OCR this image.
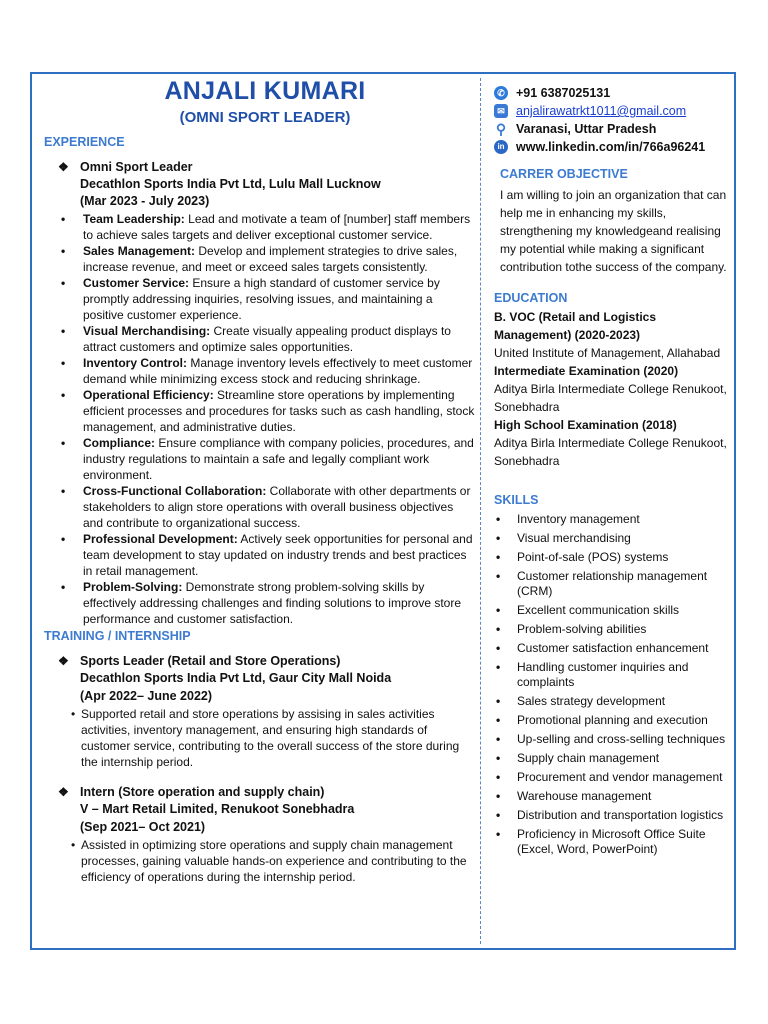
ANJALI KUMARI
(OMNI SPORT LEADER)
EXPERIENCE
❖ Omni Sport Leader
Decathlon Sports India Pvt Ltd, Lulu Mall Lucknow
(Mar 2023 - July 2023)
• Team Leadership: Lead and motivate a team of [number] staff members to achieve sales targets and deliver exceptional customer service.
• Sales Management: Develop and implement strategies to drive sales, increase revenue, and meet or exceed sales targets consistently.
• Customer Service: Ensure a high standard of customer service by promptly addressing inquiries, resolving issues, and maintaining a positive customer experience.
• Visual Merchandising: Create visually appealing product displays to attract customers and optimize sales opportunities.
• Inventory Control: Manage inventory levels effectively to meet customer demand while minimizing excess stock and reducing shrinkage.
• Operational Efficiency: Streamline store operations by implementing efficient processes and procedures for tasks such as cash handling, stock management, and administrative duties.
• Compliance: Ensure compliance with company policies, procedures, and industry regulations to maintain a safe and legally compliant work environment.
• Cross-Functional Collaboration: Collaborate with other departments or stakeholders to align store operations with overall business objectives and contribute to organizational success.
• Professional Development: Actively seek opportunities for personal and team development to stay updated on industry trends and best practices in retail management.
• Problem-Solving: Demonstrate strong problem-solving skills by effectively addressing challenges and finding solutions to improve store performance and customer satisfaction.
TRAINING / INTERNSHIP
❖ Sports Leader (Retail and Store Operations)
Decathlon Sports India Pvt Ltd, Gaur City Mall Noida
(Apr 2022– June 2022)
• Supported retail and store operations by assising in sales activities activities, inventory management, and ensuring high standards of customer service, contributing to the overall success of the store during the internship period.
❖ Intern (Store operation and supply chain)
V – Mart Retail Limited, Renukoot Sonebhadra
(Sep 2021– Oct 2021)
• Assisted in optimizing store operations and supply chain management processes, gaining valuable hands-on experience and contributing to the efficiency of operations during the internship period.
✆ +91 6387025131
✉ anjalirawatrkt1011@gmail.com
⚲ Varanasi, Uttar Pradesh
in www.linkedin.com/in/766a96241
CARRER OBJECTIVE

I am willing to join an organization that can help me in enhancing my skills, strengthening my knowledgeand realising my potential while making a significant contribution tothe success of the company.

EDUCATION

B. VOC (Retail and Logistics Management) (2020-2023)

United Institute of Management, Allahabad

Intermediate Examination (2020)

Aditya Birla Intermediate College Renukoot, Sonebhadra

High School Examination (2018)

Aditya Birla Intermediate College Renukoot, Sonebhadra

SKILLS
• Inventory management
• Visual merchandising
• Point-of-sale (POS) systems
• Customer relationship management (CRM)
• Excellent communication skills
• Problem-solving abilities
• Customer satisfaction enhancement
• Handling customer inquiries and complaints
• Sales strategy development
• Promotional planning and execution
• Up-selling and cross-selling techniques
• Supply chain management
• Procurement and vendor management
• Warehouse management
• Distribution and transportation logistics
• Proficiency in Microsoft Office Suite (Excel, Word, PowerPoint)
